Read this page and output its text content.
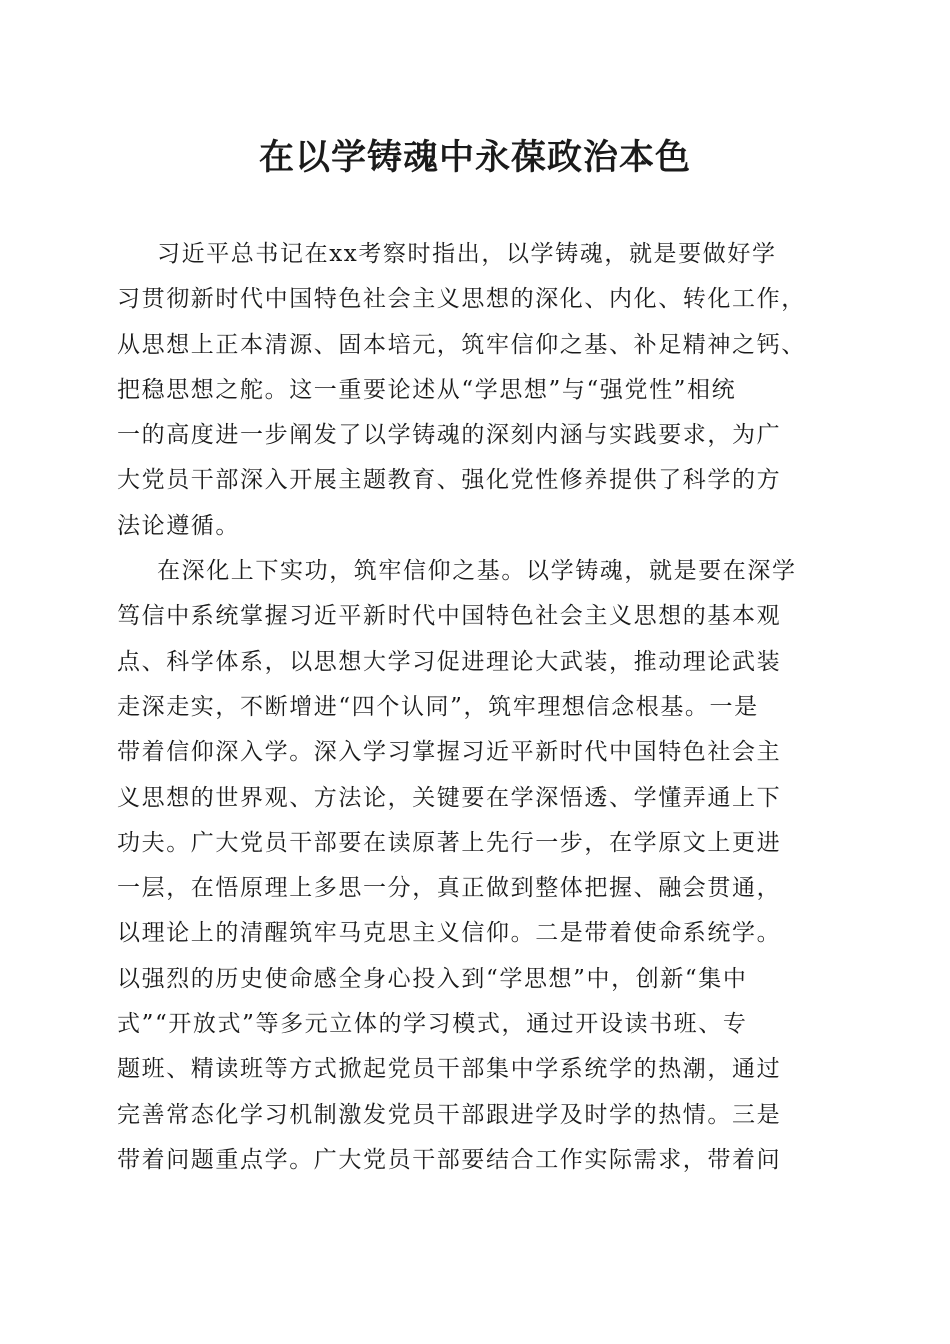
在以学铸魂中永葆政治本色
习近平总书记在xx考察时指出，以学铸魂，就是要做好学
习贯彻新时代中国特色社会主义思想的深化、内化、转化工作，
从思想上正本清源、固本培元，筑牢信仰之基、补足精神之钙、
把稳思想之舵。这一重要论述从“学思想”与“强党性”相统
一的高度进一步阐发了以学铸魂的深刻内涵与实践要求，为广
大党员干部深入开展主题教育、强化党性修养提供了科学的方
法论遵循。
在深化上下实功，筑牢信仰之基。以学铸魂，就是要在深学
笃信中系统掌握习近平新时代中国特色社会主义思想的基本观
点、科学体系，以思想大学习促进理论大武装，推动理论武装
走深走实，不断增进“四个认同”，筑牢理想信念根基。一是
带着信仰深入学。深入学习掌握习近平新时代中国特色社会主
义思想的世界观、方法论，关键要在学深悟透、学懂弄通上下
功夫。广大党员干部要在读原著上先行一步，在学原文上更进
一层，在悟原理上多思一分，真正做到整体把握、融会贯通，
以理论上的清醒筑牢马克思主义信仰。二是带着使命系统学。
以强烈的历史使命感全身心投入到“学思想”中，创新“集中
式”“开放式”等多元立体的学习模式，通过开设读书班、专
题班、精读班等方式掀起党员干部集中学系统学的热潮，通过
完善常态化学习机制激发党员干部跟进学及时学的热情。三是
带着问题重点学。广大党员干部要结合工作实际需求，带着问
